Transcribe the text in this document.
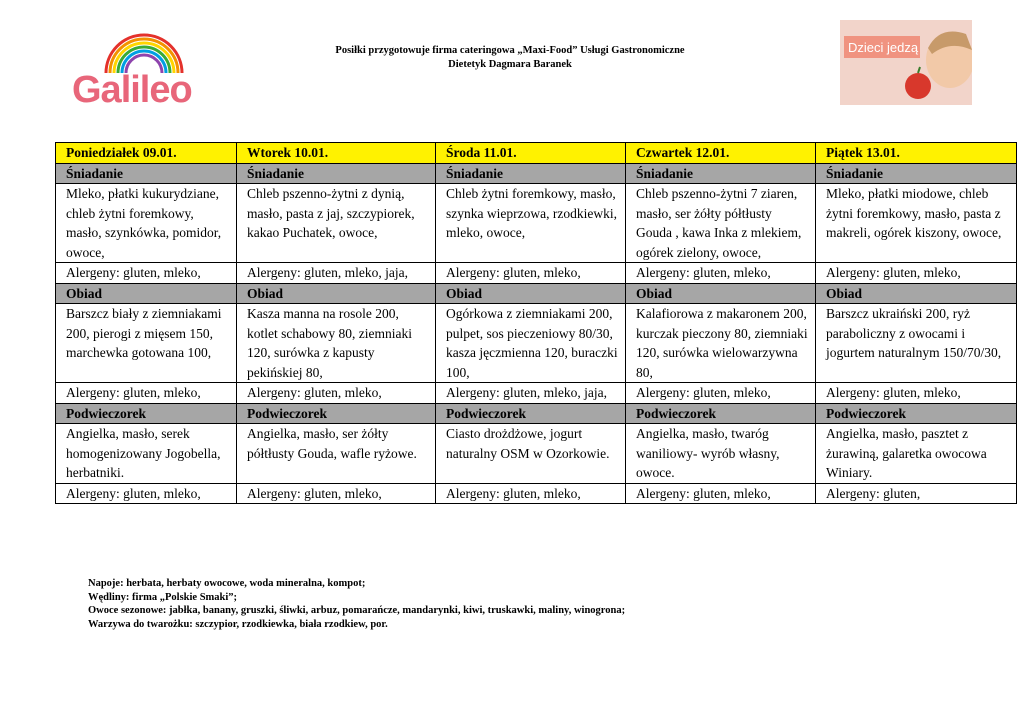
Galileo
Posiłki przygotowuje firma cateringowa „Maxi-Food” Usługi Gastronomiczne
Dietetyk Dagmara Baranek
Dzieci jedzą
Poniedziałek 09.01.	Wtorek 10.01.	Środa 11.01.	Czwartek 12.01.	Piątek 13.01.
Śniadanie	Śniadanie	Śniadanie	Śniadanie	Śniadanie
Mleko, płatki kukurydziane, chleb żytni foremkowy, masło, szynkówka, pomidor, owoce,	Chleb pszenno-żytni z dynią, masło, pasta z jaj, szczypiorek, kakao Puchatek, owoce,	Chleb żytni foremkowy, masło, szynka wieprzowa, rzodkiewki, mleko, owoce,	Chleb pszenno-żytni 7 ziaren, masło, ser żółty półtłusty Gouda , kawa Inka z mlekiem, ogórek zielony, owoce,	Mleko, płatki miodowe, chleb żytni foremkowy, masło, pasta z makreli, ogórek kiszony, owoce,
Alergeny: gluten, mleko,	Alergeny: gluten, mleko, jaja,	Alergeny: gluten, mleko,	Alergeny: gluten, mleko,	Alergeny: gluten, mleko,
Obiad	Obiad	Obiad	Obiad	Obiad
Barszcz biały z ziemniakami 200, pierogi z mięsem 150, marchewka gotowana 100,	Kasza manna na rosole 200, kotlet schabowy 80, ziemniaki 120, surówka z kapusty pekińskiej 80,	Ogórkowa z ziemniakami 200, pulpet, sos pieczeniowy 80/30, kasza jęczmienna 120, buraczki 100,	Kalafiorowa z makaronem 200, kurczak pieczony 80, ziemniaki 120, surówka wielowarzywna 80,	Barszcz ukraiński 200, ryż paraboliczny z owocami i jogurtem naturalnym 150/70/30,
Alergeny: gluten, mleko,	Alergeny: gluten, mleko,	Alergeny: gluten, mleko, jaja,	Alergeny: gluten, mleko,	Alergeny: gluten, mleko,
Podwieczorek	Podwieczorek	Podwieczorek	Podwieczorek	Podwieczorek
Angielka, masło, serek homogenizowany Jogobella, herbatniki.	Angielka, masło, ser żółty półtłusty Gouda, wafle ryżowe.	Ciasto drożdżowe, jogurt naturalny OSM w Ozorkowie.	Angielka, masło, twaróg waniliowy- wyrób własny, owoce.	Angielka, masło, pasztet z żurawiną, galaretka owocowa Winiary.
Alergeny: gluten, mleko,	Alergeny: gluten, mleko,	Alergeny: gluten, mleko,	Alergeny: gluten, mleko,	Alergeny: gluten,
Napoje: herbata, herbaty owocowe, woda mineralna, kompot;
Wędliny: firma „Polskie Smaki”;
Owoce sezonowe: jabłka, banany, gruszki, śliwki, arbuz, pomarańcze, mandarynki, kiwi, truskawki, maliny, winogrona;
Warzywa do twarożku: szczypior, rzodkiewka, biała rzodkiew, por.
